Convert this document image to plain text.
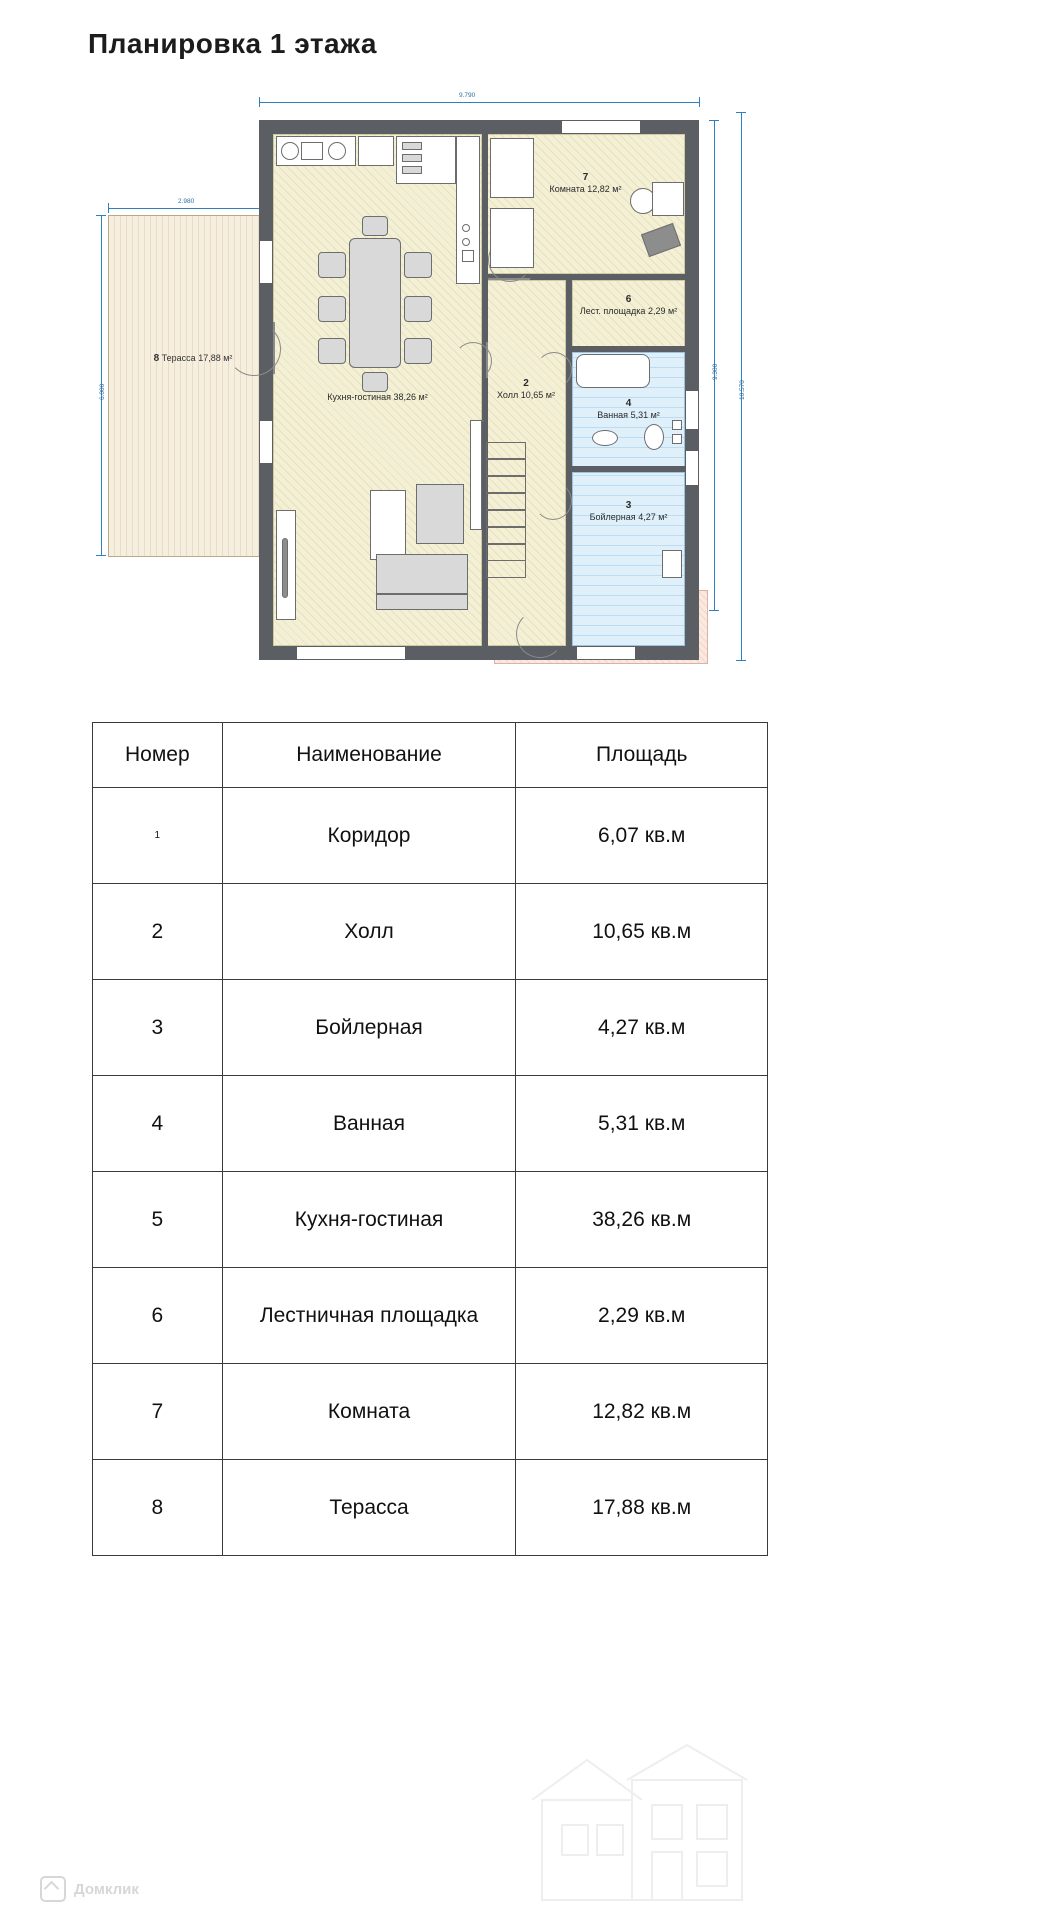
Планировка 1 этажа
9.790
2.980
6.000
9.300
10.570
8 Терасса 17,88 м²
Кухня-гостиная 38,26 м²
2
Холл 10,65 м²
7
Комната 12,82 м²
6
Лест. площадка 2,29 м²
4
Ванная 5,31 м²
3
Бойлерная 4,27 м²
Номер	Наименование	Площадь
1	Коридор	6,07 кв.м
2	Холл	10,65 кв.м
3	Бойлерная	4,27 кв.м
4	Ванная	5,31 кв.м
5	Кухня-гостиная	38,26 кв.м
6	Лестничная площадка	2,29 кв.м
7	Комната	12,82 кв.м
8	Терасса	17,88 кв.м
Домклик
